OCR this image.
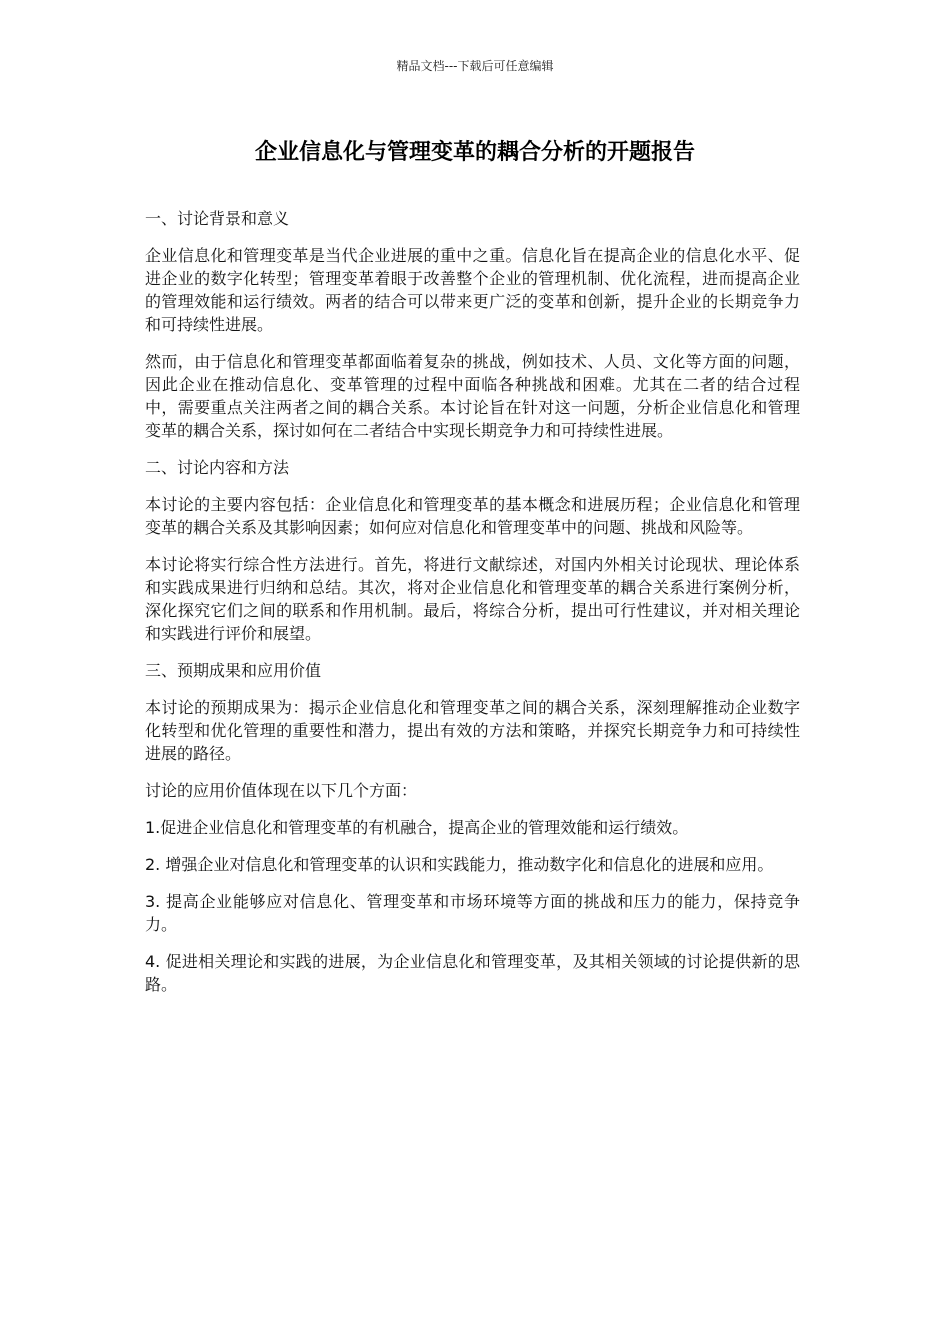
精品文档---下载后可任意编辑
企业信息化与管理变革的耦合分析的开题报告

一、讨论背景和意义

企业信息化和管理变革是当代企业进展的重中之重。信息化旨在提高企业的信息化水平、促进企业的数字化转型；管理变革着眼于改善整个企业的管理机制、优化流程，进而提高企业的管理效能和运行绩效。两者的结合可以带来更广泛的变革和创新，提升企业的长期竞争力和可持续性进展。

然而，由于信息化和管理变革都面临着复杂的挑战，例如技术、人员、文化等方面的问题，因此企业在推动信息化、变革管理的过程中面临各种挑战和困难。尤其在二者的结合过程中，需要重点关注两者之间的耦合关系。本讨论旨在针对这一问题，分析企业信息化和管理变革的耦合关系，探讨如何在二者结合中实现长期竞争力和可持续性进展。

二、讨论内容和方法

本讨论的主要内容包括：企业信息化和管理变革的基本概念和进展历程；企业信息化和管理变革的耦合关系及其影响因素；如何应对信息化和管理变革中的问题、挑战和风险等。

本讨论将实行综合性方法进行。首先，将进行文献综述，对国内外相关讨论现状、理论体系和实践成果进行归纳和总结。其次，将对企业信息化和管理变革的耦合关系进行案例分析，深化探究它们之间的联系和作用机制。最后，将综合分析，提出可行性建议，并对相关理论和实践进行评价和展望。

三、预期成果和应用价值

本讨论的预期成果为：揭示企业信息化和管理变革之间的耦合关系，深刻理解推动企业数字化转型和优化管理的重要性和潜力，提出有效的方法和策略，并探究长期竞争力和可持续性进展的路径。

讨论的应用价值体现在以下几个方面：

1.促进企业信息化和管理变革的有机融合，提高企业的管理效能和运行绩效。

2. 增强企业对信息化和管理变革的认识和实践能力，推动数字化和信息化的进展和应用。

3. 提高企业能够应对信息化、管理变革和市场环境等方面的挑战和压力的能力，保持竞争力。

4. 促进相关理论和实践的进展，为企业信息化和管理变革，及其相关领域的讨论提供新的思路。
